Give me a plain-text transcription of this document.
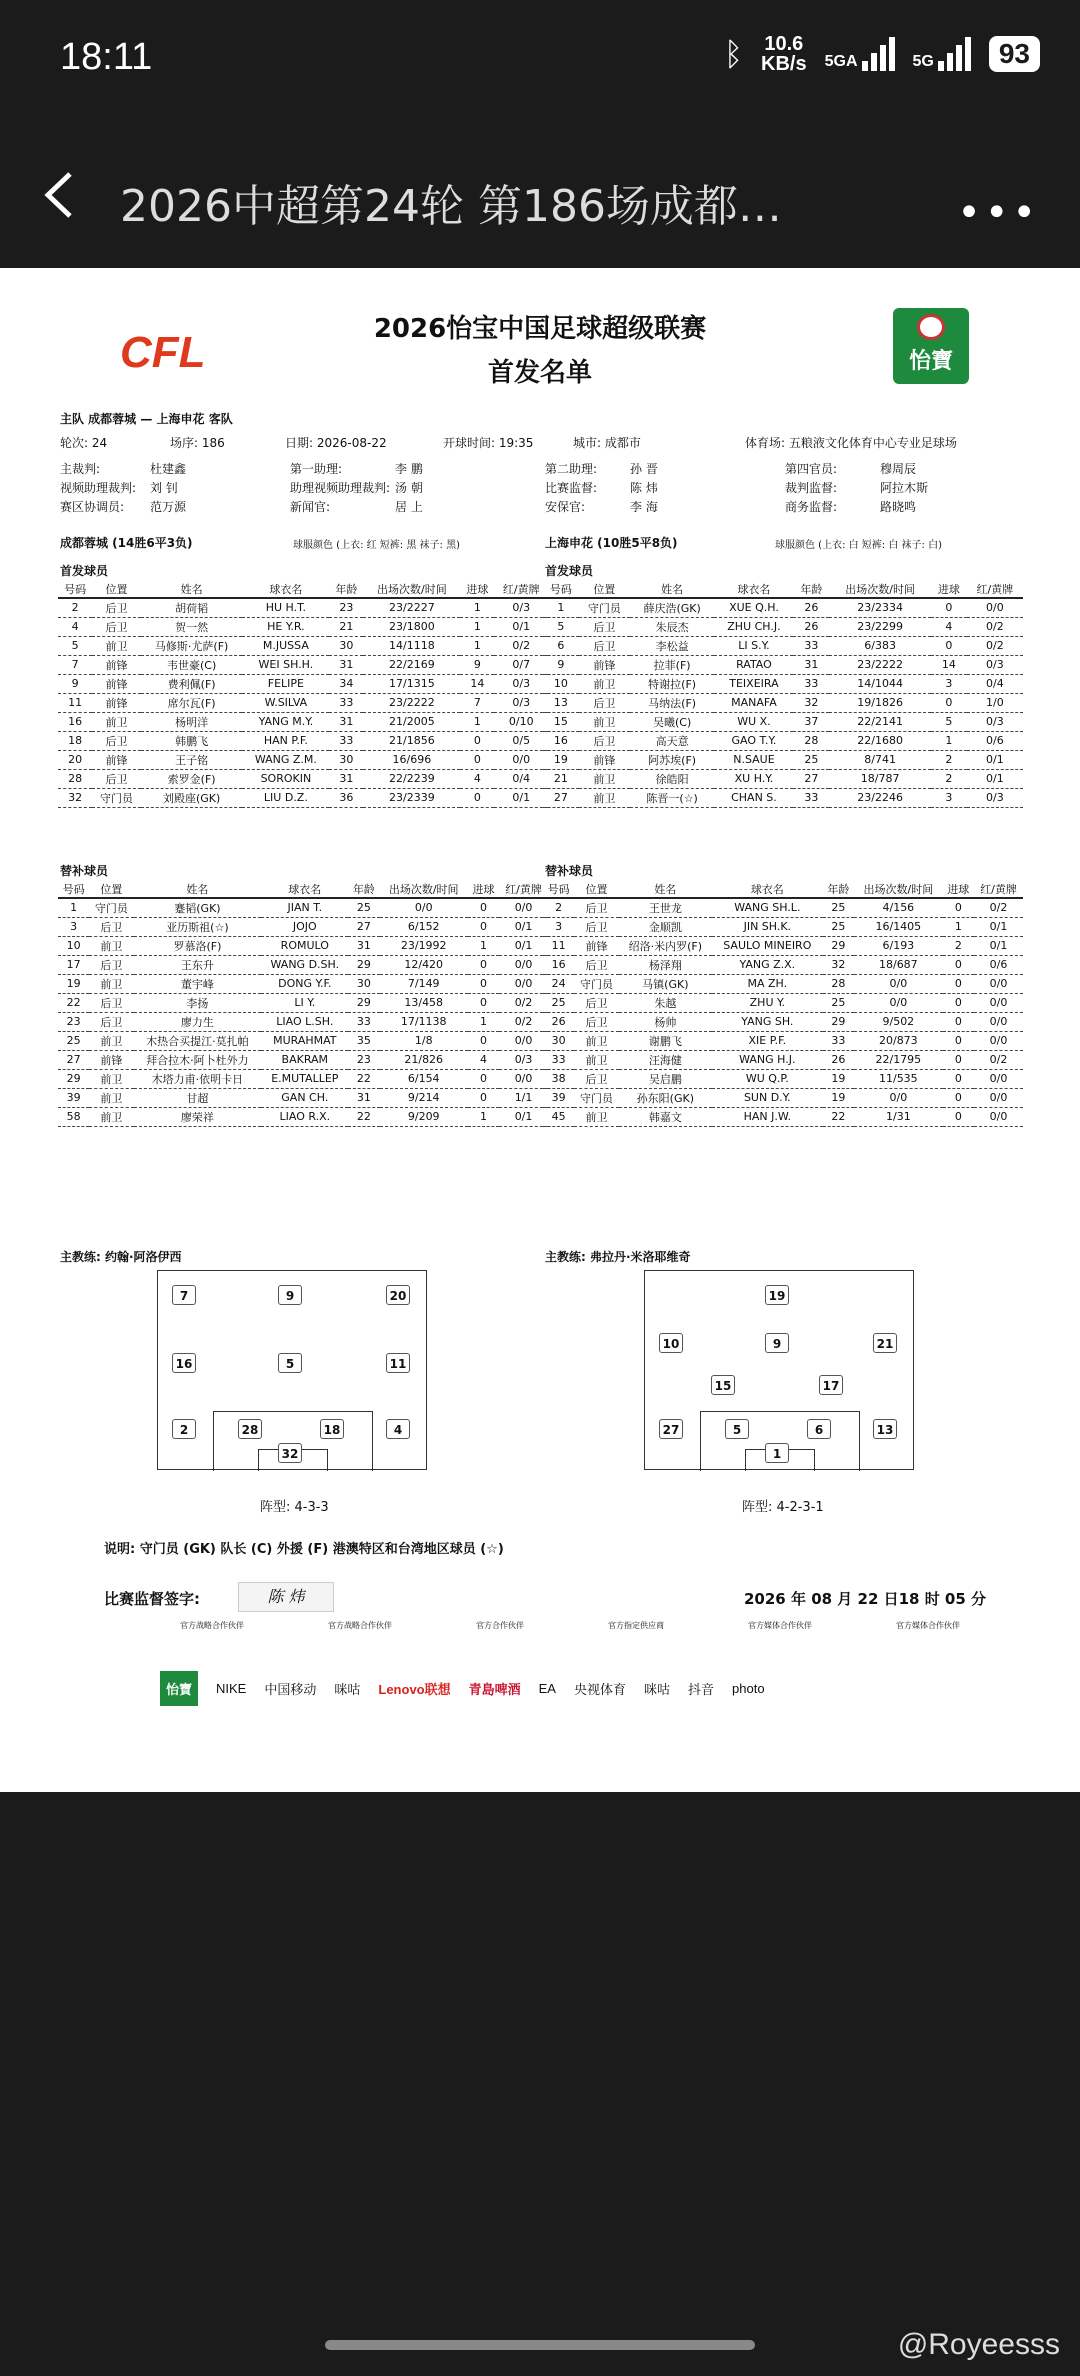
18:11	ᛒ 10.6
KB/s 5GA	5G	93
2026中超第24轮 第186场成都…	•••
CFL	怡寶
2026怡宝中国足球超级联赛
首发名单
主队 成都蓉城 — 上海申花 客队
轮次: 24	场序: 186	日期: 2026-08-22	开球时间: 19:35	城市: 成都市	体育场: 五粮液文化体育中心专业足球场
主裁判:	杜建鑫	第一助理:	李 鹏	第二助理:	孙 晋	第四官员:	穆周辰
视频助理裁判: 刘 钊	助理视频助理裁判: 汤 朝	比赛监督:	陈 炜	裁判监督:	阿拉木斯
赛区协调员: 范万源	新闻官:	居 上	安保官:	李 海	商务监督:	路晓鸣
成都蓉城 (14胜6平3负)	球服颜色 (上衣: 红 短裤: 黑 袜子: 黑)	上海申花 (10胜5平8负)	球服颜色 (上衣: 白 短裤: 白 袜子: 白)
首发球员	首发球员
号码	位置	姓名	球衣名	年龄	出场次数/时间	进球	红/黄牌
2	后卫	胡荷韬	HU H.T.	23	23/2227	1	0/3
4	后卫	贺一然	HE Y.R.	21	23/1800	1	0/1
5	前卫	马修斯·尤萨(F)	M.JUSSA	30	14/1118	1	0/2
7	前锋	韦世豪(C)	WEI SH.H.	31	22/2169	9	0/7
9	前锋	费利佩(F)	FELIPE	34	17/1315	14	0/3
11	前锋	席尔瓦(F)	W.SILVA	33	23/2222	7	0/3
16	前卫	杨明洋	YANG M.Y.	31	21/2005	1	0/10
18	后卫	韩鹏飞	HAN P.F.	33	21/1856	0	0/5
20	前锋	王子铭	WANG Z.M.	30	16/696	0	0/0
28	后卫	索罗金(F)	SOROKIN	31	22/2239	4	0/4
32	守门员	刘殿座(GK)	LIU D.Z.	36	23/2339	0	0/1
号码	位置	姓名	球衣名	年龄	出场次数/时间	进球	红/黄牌
1	守门员	薛庆浩(GK)	XUE Q.H.	26	23/2334	0	0/0
5	后卫	朱辰杰	ZHU CH.J.	26	23/2299	4	0/2
6	后卫	李松益	LI S.Y.	33	6/383	0	0/2
9	前锋	拉菲(F)	RATAO	31	23/2222	14	0/3
10	前卫	特谢拉(F)	TEIXEIRA	33	14/1044	3	0/4
13	后卫	马纳法(F)	MANAFA	32	19/1826	0	1/0
15	前卫	吴曦(C)	WU X.	37	22/2141	5	0/3
16	后卫	高天意	GAO T.Y.	28	22/1680	1	0/6
19	前锋	阿苏埃(F)	N.SAUE	25	8/741	2	0/1
21	前卫	徐皓阳	XU H.Y.	27	18/787	2	0/1
27	前卫	陈晋一(☆)	CHAN S.	33	23/2246	3	0/3
替补球员	替补球员
号码	位置	姓名	球衣名	年龄	出场次数/时间	进球	红/黄牌
1	守门员	蹇韬(GK)	JIAN T.	25	0/0	0	0/0
3	后卫	亚历斯祖(☆)	JOJO	27	6/152	0	0/1
10	前卫	罗慕洛(F)	ROMULO	31	23/1992	1	0/1
17	后卫	王东升	WANG D.SH.	29	12/420	0	0/0
19	前卫	董宇峰	DONG Y.F.	30	7/149	0	0/0
22	后卫	李扬	LI Y.	29	13/458	0	0/2
23	后卫	廖力生	LIAO L.SH.	33	17/1138	1	0/2
25	前卫	木热合买提江·莫扎帕	MURAHMAT	35	1/8	0	0/0
27	前锋	拜合拉木·阿卜杜外力	BAKRAM	23	21/826	4	0/3
29	前卫	木塔力甫·依明卡日	E.MUTALLEP	22	6/154	0	0/0
39	前卫	甘超	GAN CH.	31	9/214	0	1/1
58	前卫	廖荣祥	LIAO R.X.	22	9/209	1	0/1
号码	位置	姓名	球衣名	年龄	出场次数/时间	进球	红/黄牌
2	后卫	王世龙	WANG SH.L.	25	4/156	0	0/2
3	后卫	金顺凯	JIN SH.K.	25	16/1405	1	0/1
11	前锋	绍洛·米内罗(F)	SAULO MINEIRO	29	6/193	2	0/1
16	后卫	杨泽翔	YANG Z.X.	32	18/687	0	0/6
24	守门员	马镇(GK)	MA ZH.	28	0/0	0	0/0
25	后卫	朱越	ZHU Y.	25	0/0	0	0/0
26	后卫	杨帅	YANG SH.	29	9/502	0	0/0
30	前卫	谢鹏飞	XIE P.F.	33	20/873	0	0/0
33	前卫	汪海健	WANG H.J.	26	22/1795	0	0/2
38	后卫	吴启鹏	WU Q.P.	19	11/535	0	0/0
39	守门员	孙东阳(GK)	SUN D.Y.	19	0/0	0	0/0
45	前卫	韩嘉文	HAN J.W.	22	1/31	0	0/0
主教练: 约翰·阿洛伊西	主教练: 弗拉丹·米洛耶维奇
7	9	20
16	5	11
2	28	18	4
32
19
10	9	21
15	17
27	5	6	13
1
阵型: 4-3-3	阵型: 4-2-3-1
说明: 守门员 (GK) 队长 (C) 外援 (F) 港澳特区和台湾地区球员 (☆)
比赛监督签字:	陈 炜	2026 年 08 月 22 日18 时 05 分
官方战略合作伙伴	官方战略合作伙伴	官方合作伙伴	官方指定供应商	官方媒体合作伙伴	官方媒体合作伙伴
怡寶	NIKE 中国移动 咪咕 Lenovo联想 青島啤酒 EA 央视体育 咪咕 抖音 photo
@Royeesss
